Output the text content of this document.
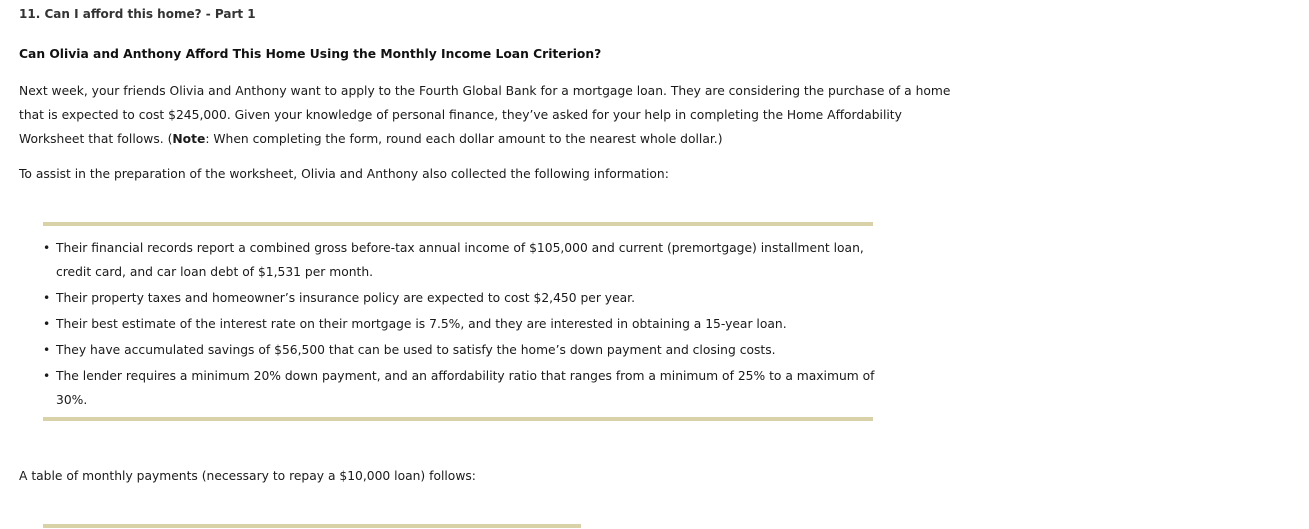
11. Can I afford this home? - Part 1
Can Olivia and Anthony Afford This Home Using the Monthly Income Loan Criterion?
Next week, your friends Olivia and Anthony want to apply to the Fourth Global Bank for a mortgage loan. They are considering the purchase of a home
that is expected to cost $245,000. Given your knowledge of personal finance, they’ve asked for your help in completing the Home Affordability
Worksheet that follows. (Note: When completing the form, round each dollar amount to the nearest whole dollar.)
To assist in the preparation of the worksheet, Olivia and Anthony also collected the following information:
• Their financial records report a combined gross before-tax annual income of $105,000 and current (premortgage) installment loan,
credit card, and car loan debt of $1,531 per month.
• Their property taxes and homeowner’s insurance policy are expected to cost $2,450 per year.
• Their best estimate of the interest rate on their mortgage is 7.5%, and they are interested in obtaining a 15-year loan.
• They have accumulated savings of $56,500 that can be used to satisfy the home’s down payment and closing costs.
• The lender requires a minimum 20% down payment, and an affordability ratio that ranges from a minimum of 25% to a maximum of
30%.
A table of monthly payments (necessary to repay a $10,000 loan) follows:
